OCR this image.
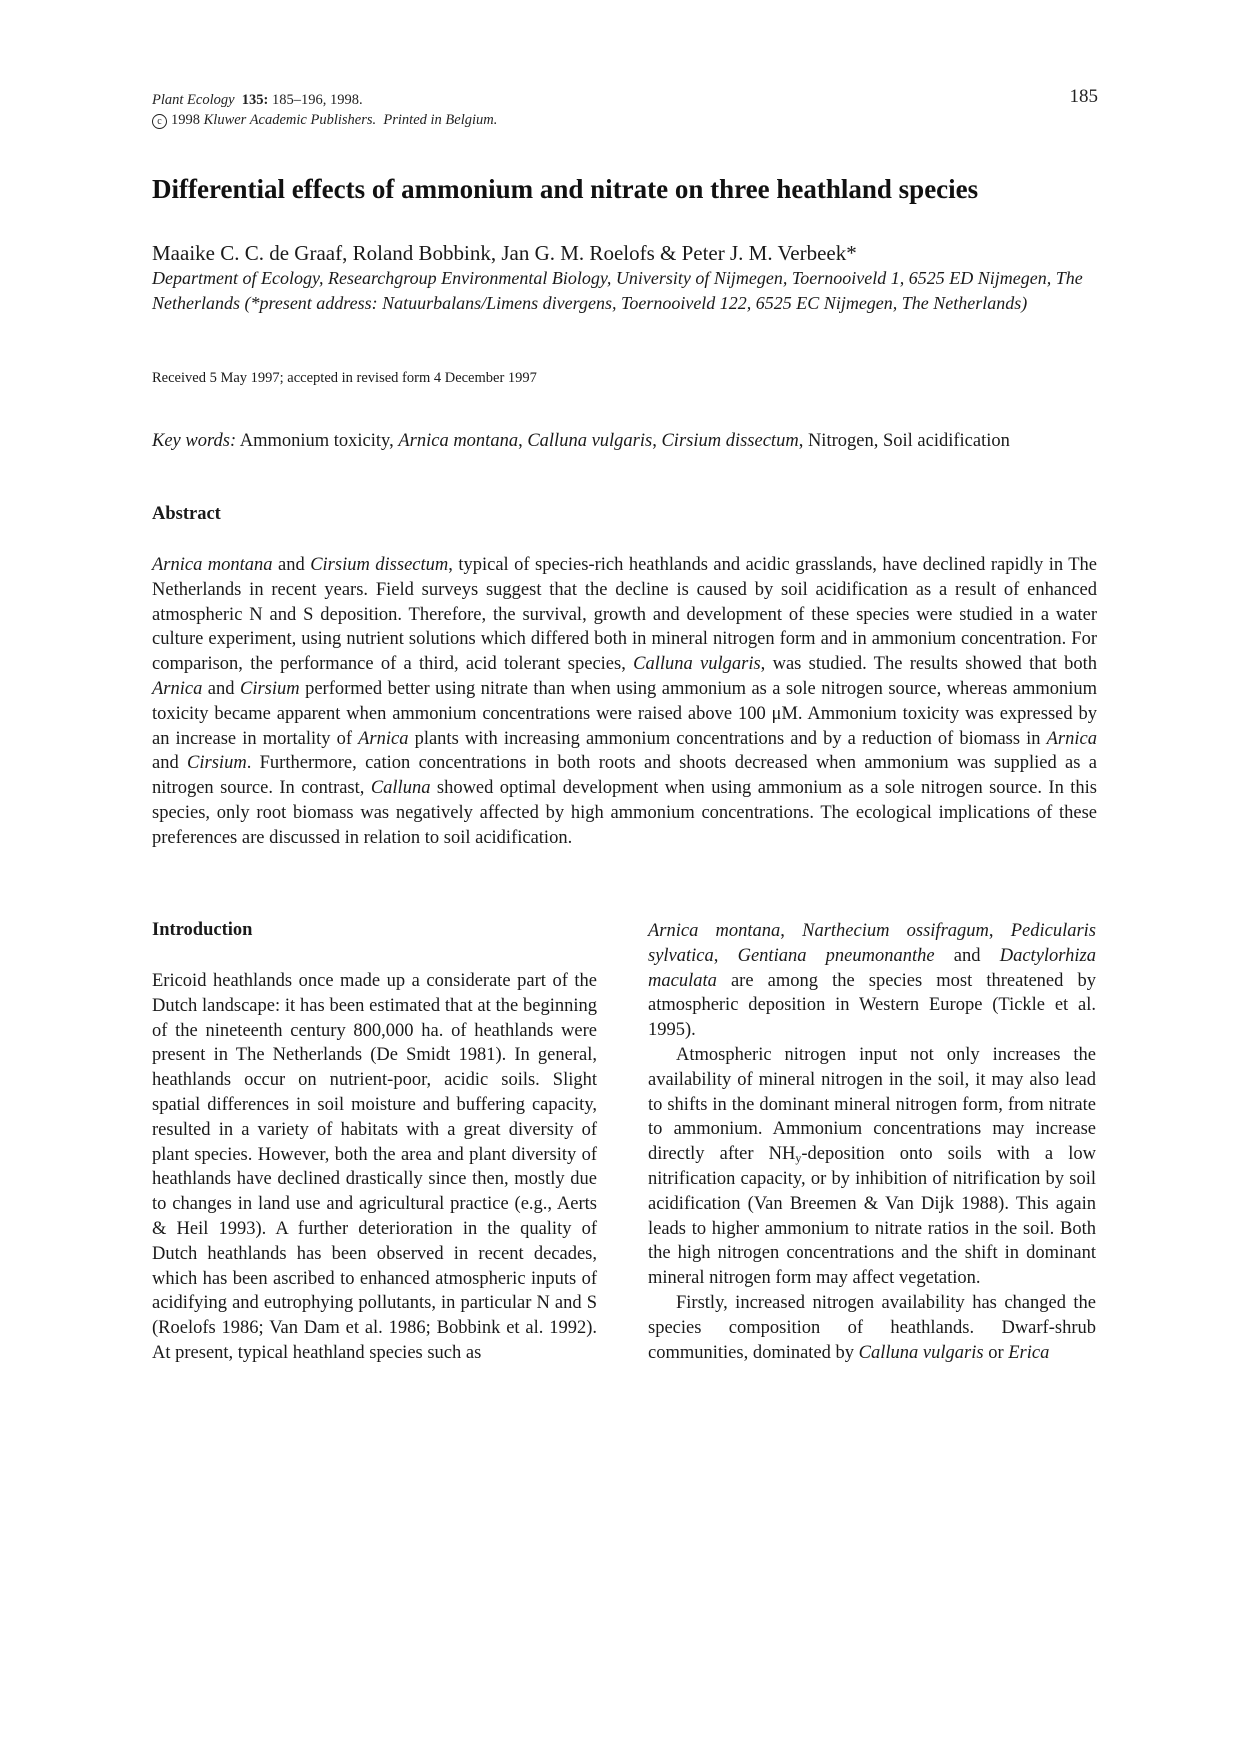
Plant Ecology 135: 185–196, 1998.
c 1998 Kluwer Academic Publishers. Printed in Belgium.
185
Differential effects of ammonium and nitrate on three heathland species
Maaike C. C. de Graaf, Roland Bobbink, Jan G. M. Roelofs & Peter J. M. Verbeek*
Department of Ecology, Researchgroup Environmental Biology, University of Nijmegen, Toernooiveld 1, 6525 ED Nijmegen, The Netherlands (*present address: Natuurbalans/Limens divergens, Toernooiveld 122, 6525 EC Nijmegen, The Netherlands)
Received 5 May 1997; accepted in revised form 4 December 1997
Key words: Ammonium toxicity, Arnica montana, Calluna vulgaris, Cirsium dissectum, Nitrogen, Soil acidification
Abstract
Arnica montana and Cirsium dissectum, typical of species-rich heathlands and acidic grasslands, have declined rapidly in The Netherlands in recent years. Field surveys suggest that the decline is caused by soil acidification as a result of enhanced atmospheric N and S deposition. Therefore, the survival, growth and development of these species were studied in a water culture experiment, using nutrient solutions which differed both in mineral nitrogen form and in ammonium concentration. For comparison, the performance of a third, acid tolerant species, Calluna vulgaris, was studied. The results showed that both Arnica and Cirsium performed better using nitrate than when using ammonium as a sole nitrogen source, whereas ammonium toxicity became apparent when ammonium concentrations were raised above 100 μM. Ammonium toxicity was expressed by an increase in mortality of Arnica plants with increasing ammonium concentrations and by a reduction of biomass in Arnica and Cirsium. Furthermore, cation concentrations in both roots and shoots decreased when ammonium was supplied as a nitrogen source. In contrast, Calluna showed optimal development when using ammonium as a sole nitrogen source. In this species, only root biomass was negatively affected by high ammonium concentrations. The ecological implications of these preferences are discussed in relation to soil acidification.
Introduction

Ericoid heathlands once made up a considerate part of the Dutch landscape: it has been estimated that at the beginning of the nineteenth century 800,000 ha. of heathlands were present in The Netherlands (De Smidt 1981). In general, heathlands occur on nutrient-poor, acidic soils. Slight spatial differences in soil moisture and buffering capacity, resulted in a variety of habitats with a great diversity of plant species. However, both the area and plant diversity of heathlands have declined drastically since then, mostly due to changes in land use and agricultural practice (e.g., Aerts & Heil 1993). A further deterioration in the quality of Dutch heathlands has been observed in recent decades, which has been ascribed to enhanced atmospheric inputs of acidifying and eutrophying pollutants, in particular N and S (Roelofs 1986; Van Dam et al. 1986; Bobbink et al. 1992). At present, typical heathland species such as

Arnica montana, Narthecium ossifragum, Pedicularis sylvatica, Gentiana pneumonanthe and Dactylorhiza maculata are among the species most threatened by atmospheric deposition in Western Europe (Tickle et al. 1995).

Atmospheric nitrogen input not only increases the availability of mineral nitrogen in the soil, it may also lead to shifts in the dominant mineral nitrogen form, from nitrate to ammonium. Ammonium concentrations may increase directly after $NH_y$-deposition onto soils with a low nitrification capacity, or by inhibition of nitrification by soil acidification (Van Breemen & Van Dijk 1988). This again leads to higher ammonium to nitrate ratios in the soil. Both the high nitrogen concentrations and the shift in dominant mineral nitrogen form may affect vegetation.

Firstly, increased nitrogen availability has changed the species composition of heathlands. Dwarf-shrub communities, dominated by Calluna vulgaris or Erica
